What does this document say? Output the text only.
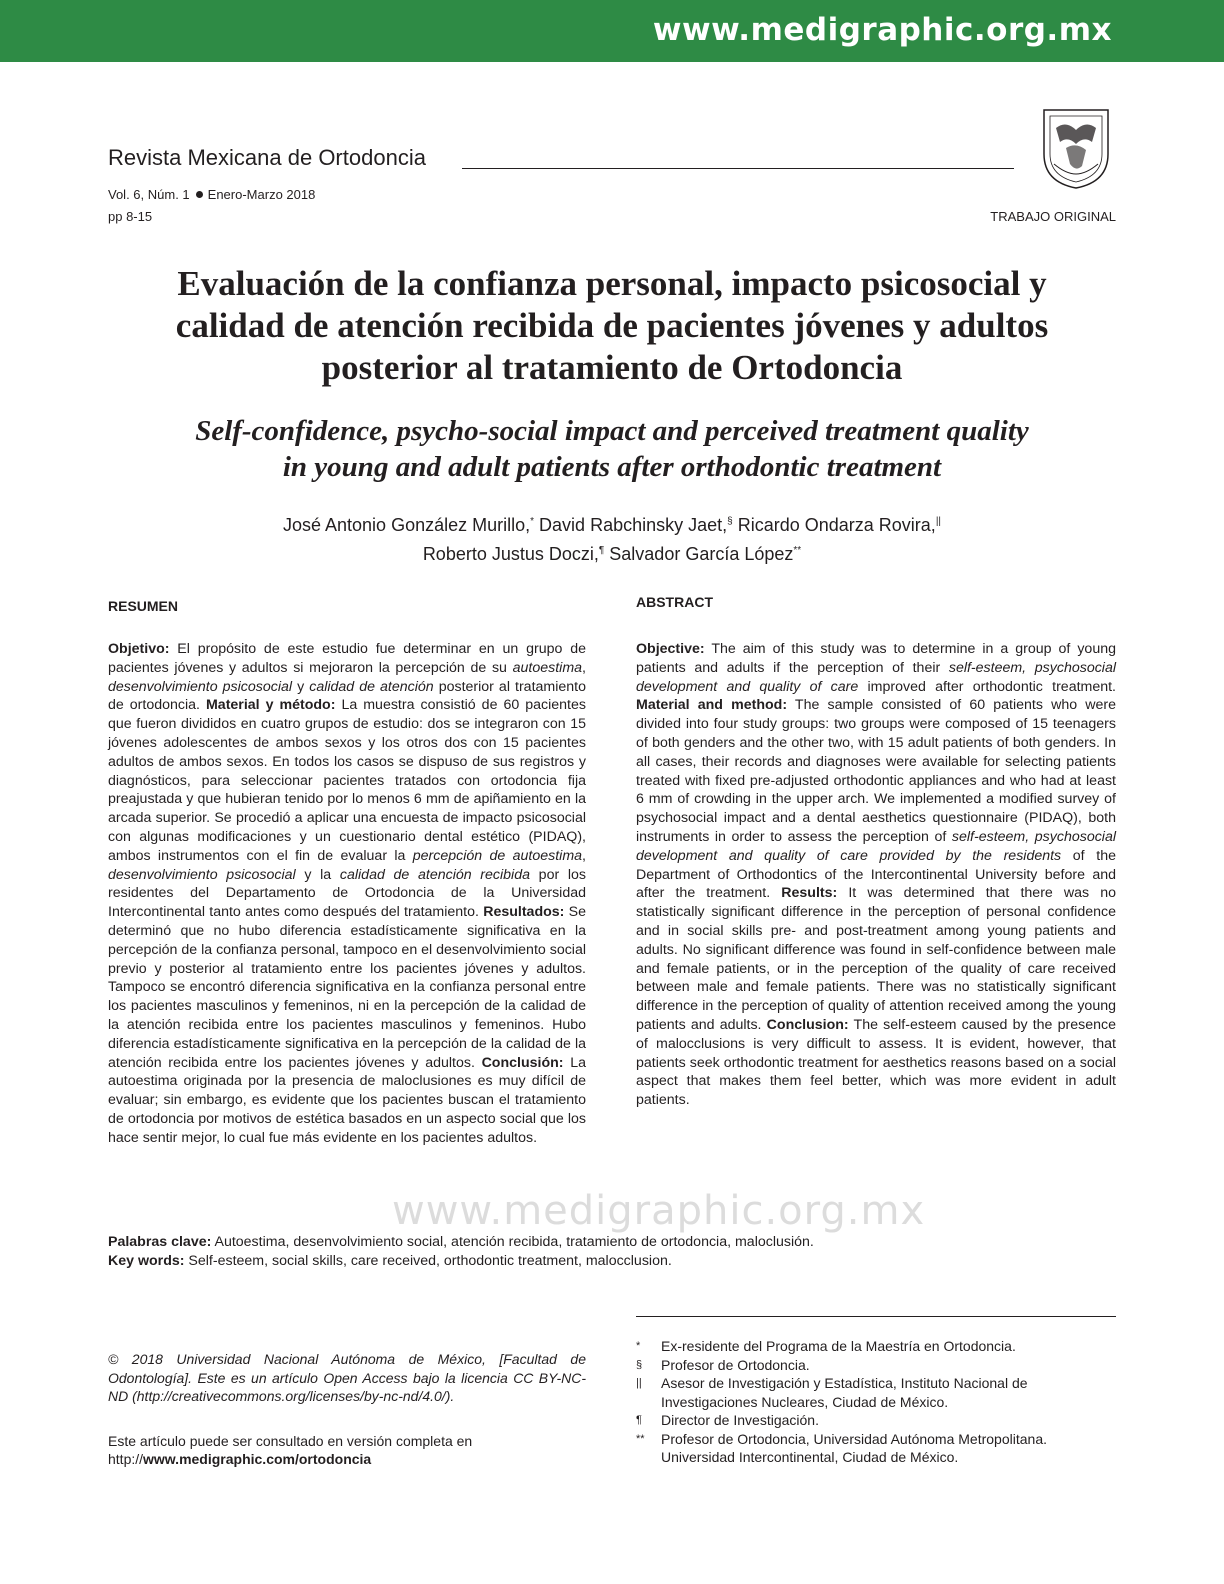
www.medigraphic.org.mx
Revista Mexicana de Ortodoncia
Vol. 6, Núm. 1 Enero-Marzo 2018
pp 8-15	TRABAJO ORIGINAL
Evaluación de la confianza personal, impacto psicosocial y
calidad de atención recibida de pacientes jóvenes y adultos
posterior al tratamiento de Ortodoncia
Self-confidence, psycho-social impact and perceived treatment quality
in young and adult patients after orthodontic treatment
José Antonio González Murillo,* David Rabchinsky Jaet,§ Ricardo Ondarza Rovira,||
Roberto Justus Doczi,¶ Salvador García López**
RESUMEN	ABSTRACT
Objetivo: El propósito de este estudio fue determinar en un grupo de pacientes jóvenes y adultos si mejoraron la percepción de su autoestima, desenvolvimiento psicosocial y calidad de atención posterior al tratamiento de ortodoncia. Material y método: La muestra consistió de 60 pacientes que fueron divididos en cuatro grupos de estudio: dos se integraron con 15 jóvenes adolescentes de ambos sexos y los otros dos con 15 pacientes adultos de ambos sexos. En todos los casos se dispuso de sus registros y diagnósticos, para seleccionar pacientes tratados con ortodoncia fija preajustada y que hubieran tenido por lo menos 6 mm de apiñamiento en la arcada superior. Se procedió a aplicar una encuesta de impacto psicosocial con algunas modificaciones y un cuestionario dental estético (PIDAQ), ambos instrumentos con el fin de evaluar la percepción de autoestima, desenvolvimiento psicosocial y la calidad de atención recibida por los residentes del Departamento de Ortodoncia de la Universidad Intercontinental tanto antes como después del tratamiento. Resultados: Se determinó que no hubo diferencia estadísticamente significativa en la percepción de la confianza personal, tampoco en el desenvolvimiento social previo y posterior al tratamiento entre los pacientes jóvenes y adultos. Tampoco se encontró diferencia significativa en la confianza personal entre los pacientes masculinos y femeninos, ni en la percepción de la calidad de la atención recibida entre los pacientes masculinos y femeninos. Hubo diferencia estadísticamente significativa en la percepción de la calidad de la atención recibida entre los pacientes jóvenes y adultos. Conclusión: La autoestima originada por la presencia de maloclusiones es muy difícil de evaluar; sin embargo, es evidente que los pacientes buscan el tratamiento de ortodoncia por motivos de estética basados en un aspecto social que los hace sentir mejor, lo cual fue más evidente en los pacientes adultos.
Objective: The aim of this study was to determine in a group of young patients and adults if the perception of their self-esteem, psychosocial development and quality of care improved after orthodontic treatment. Material and method: The sample consisted of 60 patients who were divided into four study groups: two groups were composed of 15 teenagers of both genders and the other two, with 15 adult patients of both genders. In all cases, their records and diagnoses were available for selecting patients treated with fixed pre-adjusted orthodontic appliances and who had at least 6 mm of crowding in the upper arch. We implemented a modified survey of psychosocial impact and a dental aesthetics questionnaire (PIDAQ), both instruments in order to assess the perception of self-esteem, psychosocial development and quality of care provided by the residents of the Department of Orthodontics of the Intercontinental University before and after the treatment. Results: It was determined that there was no statistically significant difference in the perception of personal confidence and in social skills pre- and post-treatment among young patients and adults. No significant difference was found in self-confidence between male and female patients, or in the perception of the quality of care received between male and female patients. There was no statistically significant difference in the perception of quality of attention received among the young patients and adults. Conclusion: The self-esteem caused by the presence of malocclusions is very difficult to assess. It is evident, however, that patients seek orthodontic treatment for aesthetics reasons based on a social aspect that makes them feel better, which was more evident in adult patients.
www.medigraphic.org.mx
Palabras clave: Autoestima, desenvolvimiento social, atención recibida, tratamiento de ortodoncia, maloclusión.
Key words: Self-esteem, social skills, care received, orthodontic treatment, malocclusion.
© 2018 Universidad Nacional Autónoma de México, [Facultad de Odontología]. Este es un artículo Open Access bajo la licencia CC BY-NC-ND (http://creativecommons.org/licenses/by-nc-nd/4.0/).
Este artículo puede ser consultado en versión completa en
http://www.medigraphic.com/ortodoncia
* Ex-residente del Programa de la Maestría en Ortodoncia.
§ Profesor de Ortodoncia.
|| Asesor de Investigación y Estadística, Instituto Nacional de Investigaciones Nucleares, Ciudad de México.
¶ Director de Investigación.
** Profesor de Ortodoncia, Universidad Autónoma Metropolitana. Universidad Intercontinental, Ciudad de México.
